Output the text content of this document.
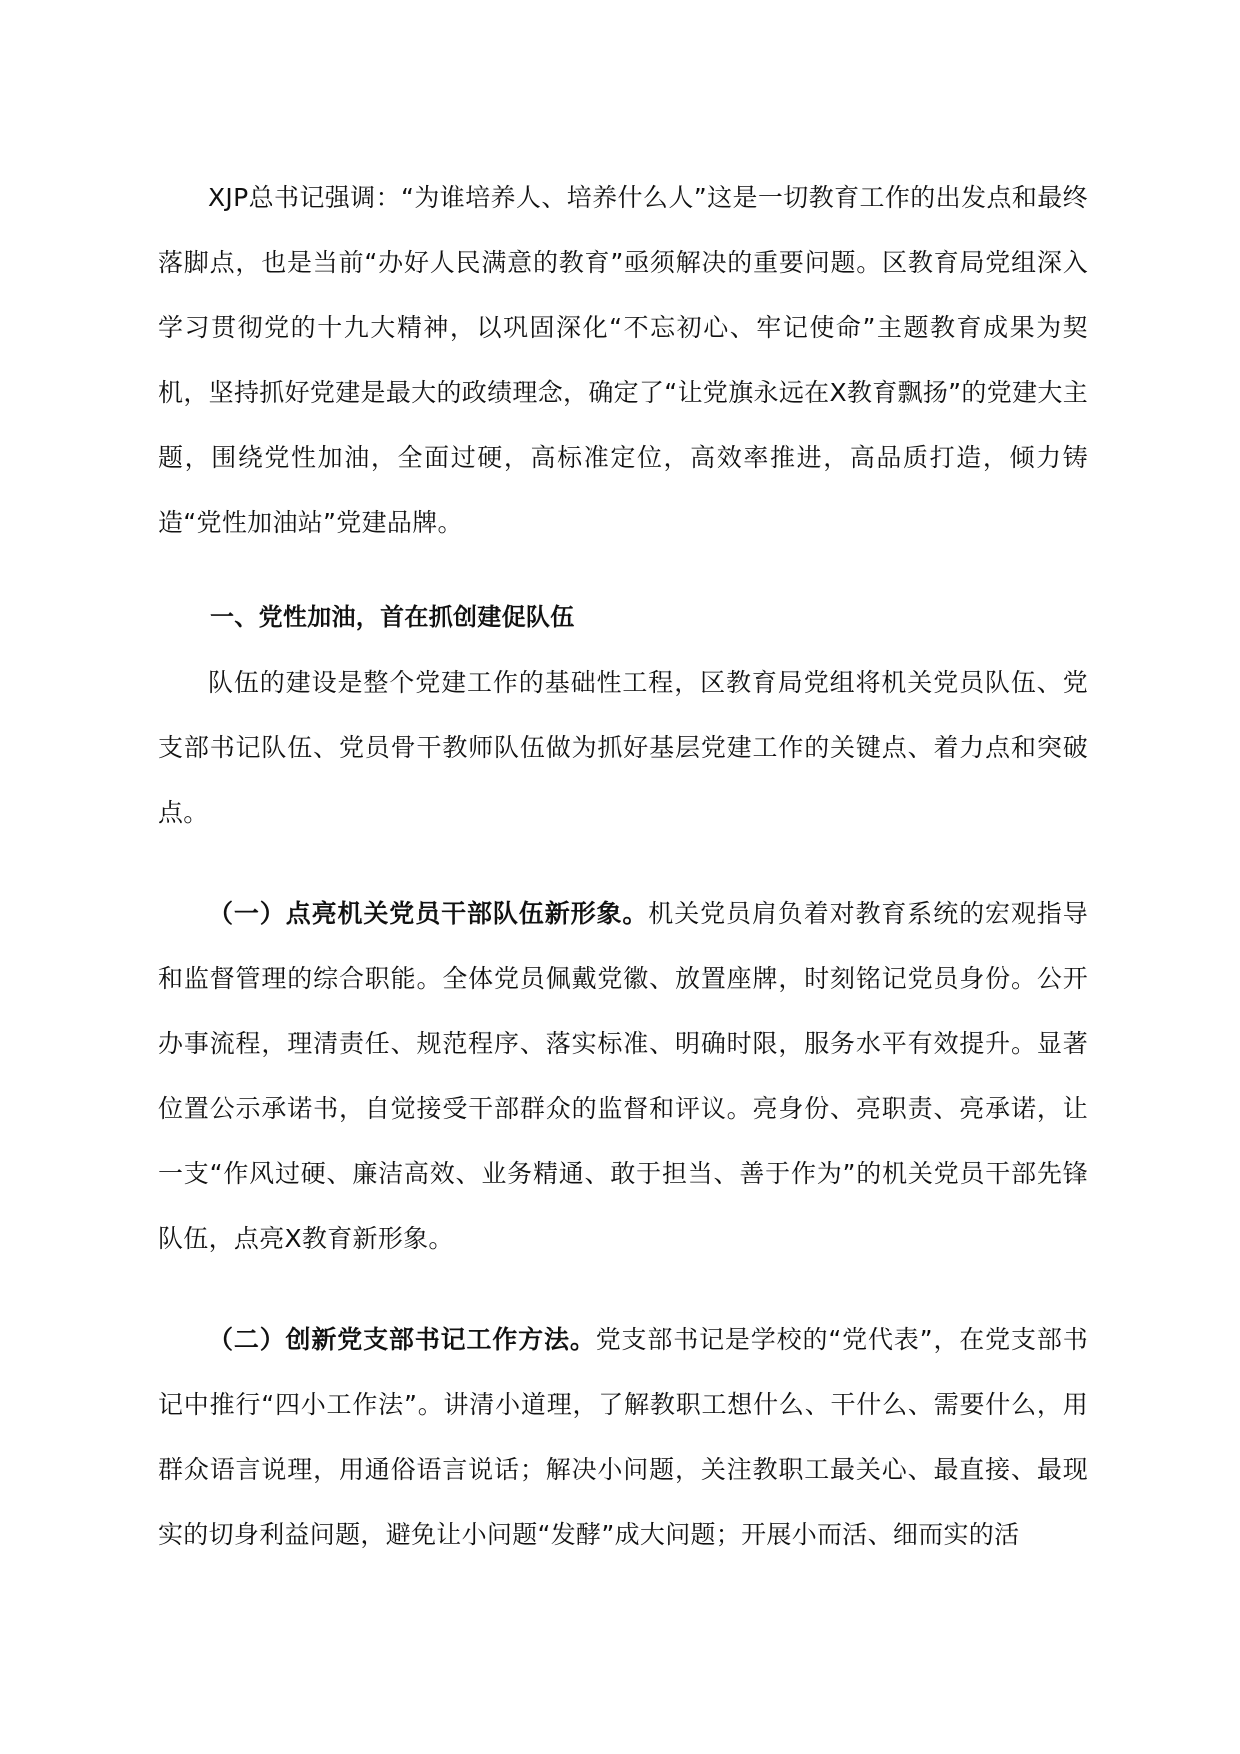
XJP总书记强调：“为谁培养人、培养什么人”这是一切教育工作的出发点和最终落脚点，也是当前“办好人民满意的教育”亟须解决的重要问题。区教育局党组深入学习贯彻党的十九大精神，以巩固深化“不忘初心、牢记使命”主题教育成果为契机，坚持抓好党建是最大的政绩理念，确定了“让党旗永远在X教育飘扬”的党建大主题，围绕党性加油，全面过硬，高标准定位，高效率推进，高品质打造，倾力铸造“党性加油站”党建品牌。

一、党性加油，首在抓创建促队伍

队伍的建设是整个党建工作的基础性工程，区教育局党组将机关党员队伍、党支部书记队伍、党员骨干教师队伍做为抓好基层党建工作的关键点、着力点和突破点。

（一）点亮机关党员干部队伍新形象。机关党员肩负着对教育系统的宏观指导和监督管理的综合职能。全体党员佩戴党徽、放置座牌，时刻铭记党员身份。公开办事流程，理清责任、规范程序、落实标准、明确时限，服务水平有效提升。显著位置公示承诺书，自觉接受干部群众的监督和评议。亮身份、亮职责、亮承诺，让一支“作风过硬、廉洁高效、业务精通、敢于担当、善于作为”的机关党员干部先锋队伍，点亮X教育新形象。

（二）创新党支部书记工作方法。党支部书记是学校的“党代表”，在党支部书记中推行“四小工作法”。讲清小道理，了解教职工想什么、干什么、需要什么，用群众语言说理，用通俗语言说话；解决小问题，关注教职工最关心、最直接、最现实的切身利益问题，避免让小问题“发酵”成大问题；开展小而活、细而实的活
